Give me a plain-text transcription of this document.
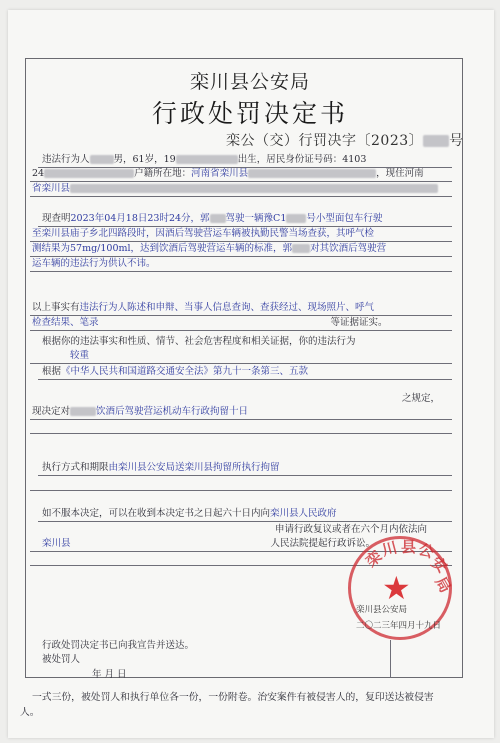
栾川县公安局
行政处罚决定书
栾公（交）行罚决字〔2023〕 号
违法行为人	男，61岁，19	出生，居民身份证号码：4103
24	户籍所在地：河南省栾川县	，现住河南
省栾川县
现查明2023年04月18日23时24分，郭 驾驶一辆豫C1 号小型面包车行驶
至栾川县庙子乡北四路段时，因酒后驾驶营运车辆被执勤民警当场查获，其呼气检
测结果为57mg/100ml，达到饮酒后驾驶营运车辆的标准，郭 对其饮酒后驾驶营
运车辆的违法行为供认不讳。
以上事实有违法行为人陈述和申辩、当事人信息查询、查获经过、现场照片、呼气
检查结果、笔录	等证据证实。
根据你的违法事实和性质、情节、社会危害程度和相关证据，你的违法行为
较重
根据《中华人民共和国道路交通安全法》第九十一条第三、五款
之规定，
现决定对	饮酒后驾驶营运机动车行政拘留十日
执行方式和期限由栾川县公安局送栾川县拘留所执行拘留
如不服本决定，可以在收到本决定书之日起六十日内向栾川县人民政府
申请行政复议或者在六个月内依法向
栾川县	人民法院提起行政诉讼。
栾
川 县 公
安
局
★
栾川县公安局
二〇二三年四月十九日
行政处罚决定书已向我宣告并送达。
被处罚人
年 月 日
一式三份，被处罚人和执行单位各一份，一份附卷。治安案件有被侵害人的，复印送达被侵害
人。
